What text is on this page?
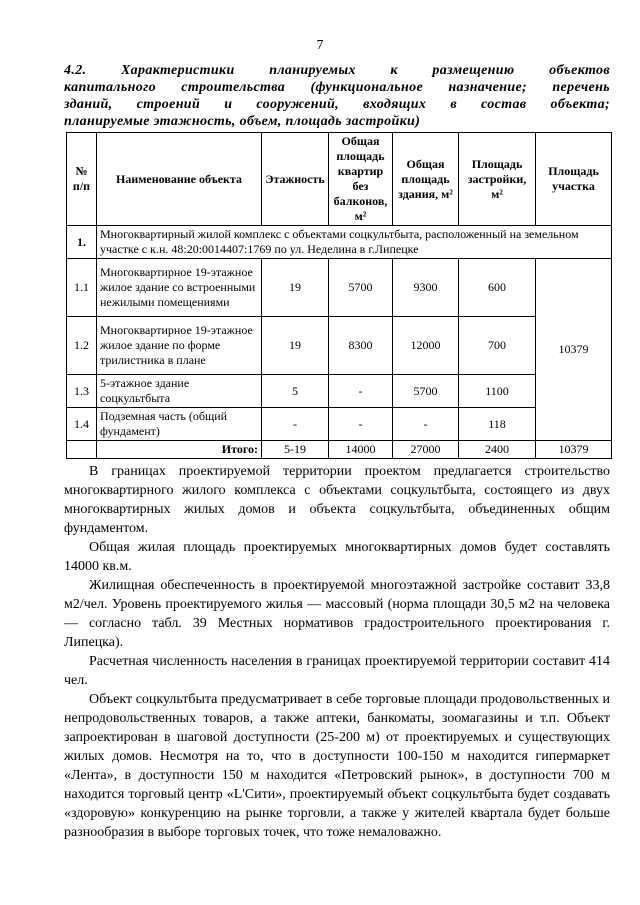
7
4.2. Характеристики планируемых к размещению объектов
капитального строительства (функциональное назначение; перечень
зданий, строений и сооружений, входящих в состав объекта;
планируемые этажность, объем, площадь застройки)
№ п/п	Наименование объекта	Этажность	Общая площадь квартир без балконов, м²	Общая площадь здания, м²	Площадь застройки, м²	Площадь участка
1.	Многоквартирный жилой комплекс с объектами соцкультбыта, расположенный на земельном участке с к.н. 48:20:0014407:1769 по ул. Неделина в г.Липецке					
1.1	Многоквартирное 19-этажное жилое здание со встроенными нежилыми помещениями	19	5700	9300	600	10379
1.2	Многоквартирное 19-этажное жилое здание по форме трилистника в плане	19	8300	12000	700	
1.3	5-этажное здание соцкультбыта	5	-	5700	1100	
1.4	Подземная часть (общий фундамент)	-	-	-	118	
	Итого:	5-19	14000	27000	2400	10379

В границах проектируемой территории проектом предлагается строительство многоквартирного жилого комплекса с объектами соцкультбыта, состоящего из двух многоквартирных жилых домов и объекта соцкультбыта, объединенных общим фундаментом.

Общая жилая площадь проектируемых многоквартирных домов будет составлять 14000 кв.м.

Жилищная обеспеченность в проектируемой многоэтажной застройке составит 33,8 м2/чел. Уровень проектируемого жилья — массовый (норма площади 30,5 м2 на человека — согласно табл. 39 Местных нормативов градостроительного проектирования г. Липецка).

Расчетная численность населения в границах проектируемой территории составит 414 чел.

Объект соцкультбыта предусматривает в себе торговые площади продовольственных и непродовольственных товаров, а также аптеки, банкоматы, зоомагазины и т.п. Объект запроектирован в шаговой доступности (25-200 м) от проектируемых и существующих жилых домов. Несмотря на то, что в доступности 100-150 м находится гипермаркет «Лента», в доступности 150 м находится «Петровский рынок», в доступности 700 м находится торговый центр «L'Сити», проектируемый объект соцкультбыта будет создавать «здоровую» конкуренцию на рынке торговли, а также у жителей квартала будет больше разнообразия в выборе торговых точек, что тоже немаловажно.
